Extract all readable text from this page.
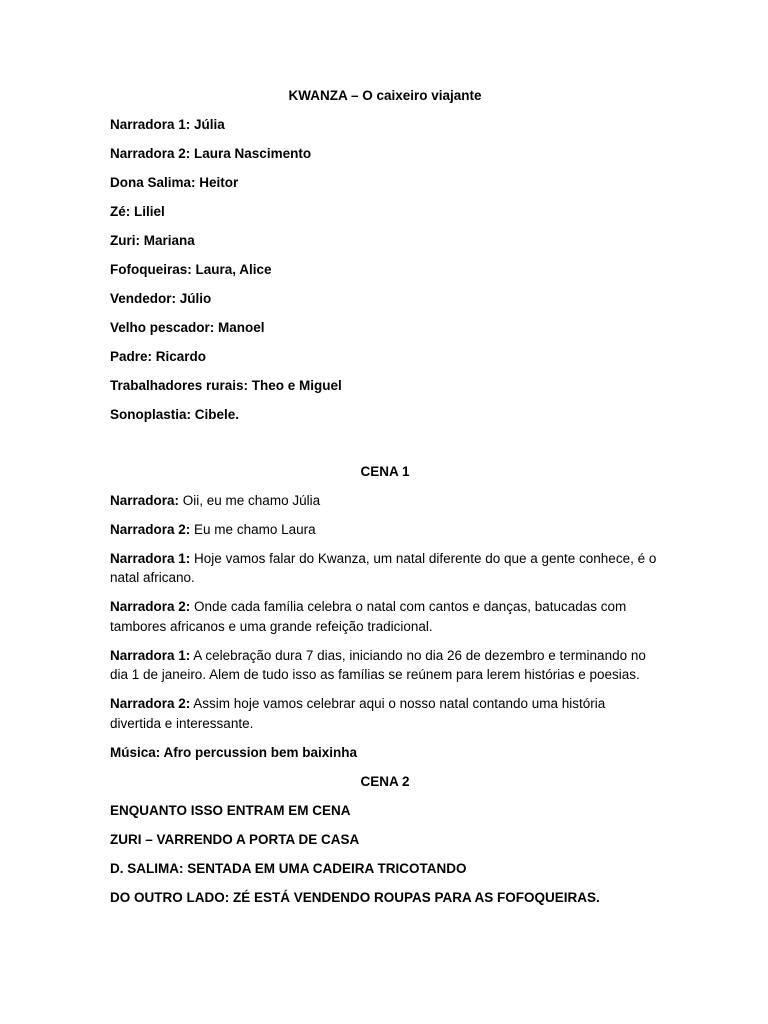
KWANZA – O caixeiro viajante
Narradora 1: Júlia
Narradora 2: Laura Nascimento
Dona Salima: Heitor
Zé: Liliel
Zuri: Mariana
Fofoqueiras: Laura, Alice
Vendedor: Júlio
Velho pescador: Manoel
Padre: Ricardo
Trabalhadores rurais: Theo e Miguel
Sonoplastia: Cibele.
CENA 1
Narradora: Oii, eu me chamo Júlia
Narradora 2: Eu me chamo Laura
Narradora 1: Hoje vamos falar do Kwanza, um natal diferente do que a gente conhece, é o natal africano.
Narradora 2: Onde cada família celebra o natal com cantos e danças, batucadas com tambores africanos e uma grande refeição tradicional.
Narradora 1: A celebração dura 7 dias, iniciando no dia 26 de dezembro e terminando no dia 1 de janeiro. Alem de tudo isso as famílias se reúnem para lerem histórias e poesias.
Narradora 2: Assim hoje vamos celebrar aqui o nosso natal contando uma história divertida e interessante.
Música: Afro percussion bem baixinha
CENA 2
ENQUANTO ISSO ENTRAM EM CENA
ZURI – VARRENDO A PORTA DE CASA
D. SALIMA: SENTADA EM UMA CADEIRA TRICOTANDO
DO OUTRO LADO: ZÉ ESTÁ VENDENDO ROUPAS PARA AS FOFOQUEIRAS.
